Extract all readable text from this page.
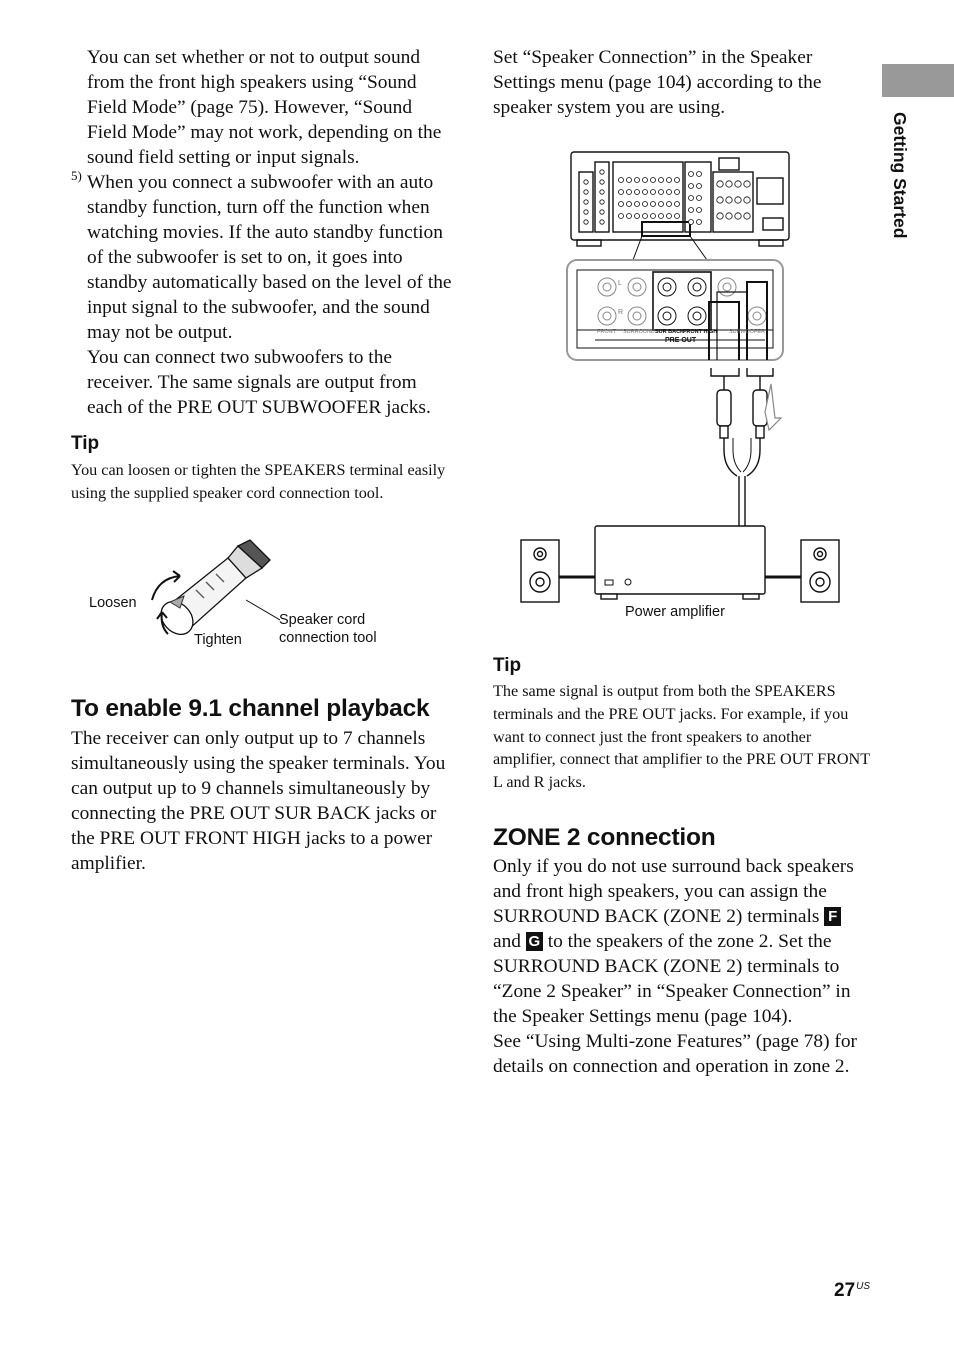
Getting Started

You can set whether or not to output sound from the front high speakers using “Sound Field Mode” (page 75). However, “Sound Field Mode” may not work, depending on the sound field setting or input signals.

5) When you connect a subwoofer with an auto standby function, turn off the function when watching movies. If the auto standby function of the subwoofer is set to on, it goes into standby automatically based on the level of the input signal to the subwoofer, and the sound may not be output.

You can connect two subwoofers to the receiver. The same signals are output from each of the PRE OUT SUBWOOFER jacks.

Tip

You can loosen or tighten the SPEAKERS terminal easily using the supplied speaker cord connection tool.

Loosen
Tighten
Speaker cord
connection tool
To enable 9.1 channel playback

The receiver can only output up to 7 channels simultaneously using the speaker terminals. You can output up to 9 channels simultaneously by connecting the PRE OUT SUR BACK jacks or the PRE OUT FRONT HIGH jacks to a power amplifier.

Set “Speaker Connection” in the Speaker Settings menu (page 104) according to the speaker system you are using.

L
R
FRONT SURROUND SUR BACK
FRONT HIGH SUBWOOFER
PRE OUT
Power amplifier
Tip

The same signal is output from both the SPEAKERS terminals and the PRE OUT jacks. For example, if you want to connect just the front speakers to another amplifier, connect that amplifier to the PRE OUT FRONT L and R jacks.

ZONE 2 connection

Only if you do not use surround back speakers and front high speakers, you can assign the SURROUND BACK (ZONE 2) terminals F and G to the speakers of the zone 2. Set the SURROUND BACK (ZONE 2) terminals to “Zone 2 Speaker” in “Speaker Connection” in the Speaker Settings menu (page 104).

See “Using Multi-zone Features” (page 78) for details on connection and operation in zone 2.

$27^{US}$
